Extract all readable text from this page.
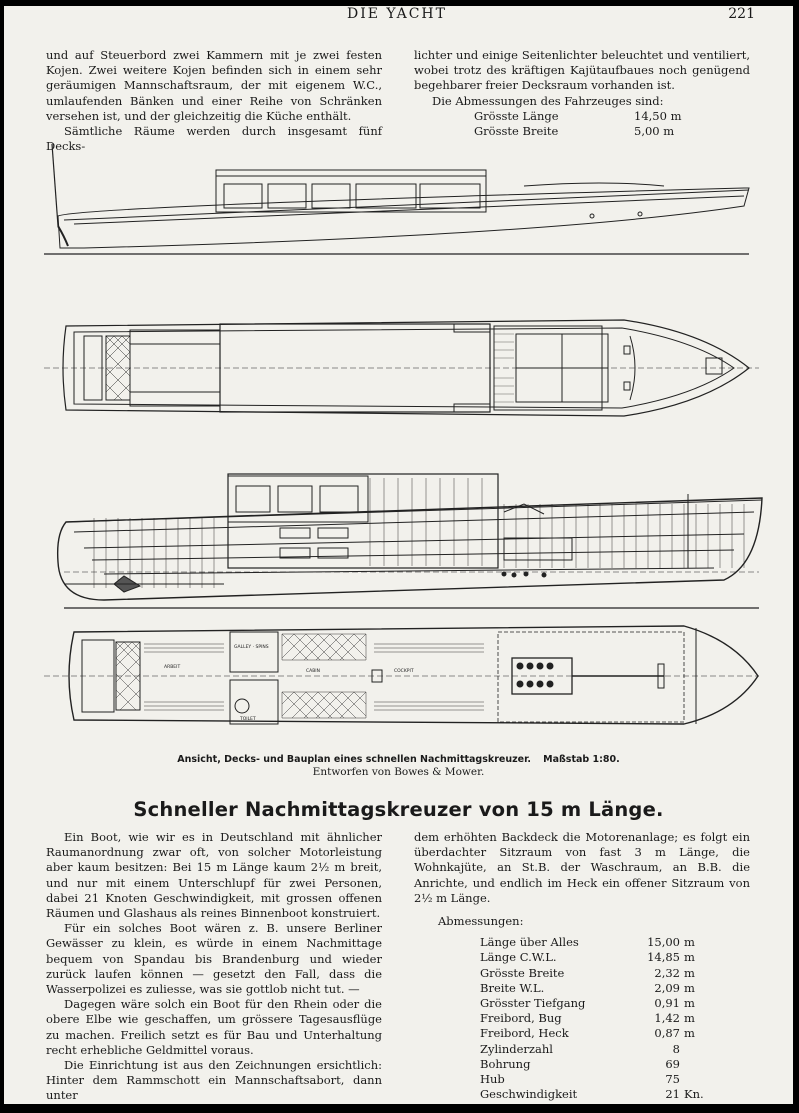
DIE YACHT	221

und auf Steuerbord zwei Kammern mit je zwei festen Kojen. Zwei weitere Kojen befinden sich in einem sehr geräumigen Mannschaftsraum, der mit eigenem W.C., umlaufenden Bänken und einer Reihe von Schränken versehen ist, und der gleichzeitig die Küche enthält.

Sämtliche Räume werden durch insgesamt fünf Decks-

lichter und einige Seitenlichter beleuchtet und ventiliert, wobei trotz des kräftigen Kajütaufbaues noch genügend begehbarer freier Decksraum vorhanden ist.

Die Abmessungen des Fahrzeuges sind:

Grösste Länge	14,50 m
Grösste Breite	5,00 m
ARBEIT
GALLEY · SPINS
CABIN	COCKPIT
TOILET
Ansicht, Decks- und Bauplan eines schnellen Nachmittagskreuzer. Maßstab 1:80.
Entworfen von Bowes & Mower.
Schneller Nachmittagskreuzer von 15 m Länge.

Ein Boot, wie wir es in Deutschland mit ähnlicher Raumanordnung zwar oft, von solcher Motorleistung aber kaum besitzen: Bei 15 m Länge kaum 2½ m breit, und nur mit einem Unterschlupf für zwei Personen, dabei 21 Knoten Geschwindigkeit, mit grossen offenen Räumen und Glashaus als reines Binnenboot konstruiert.

Für ein solches Boot wären z. B. unsere Berliner Gewässer zu klein, es würde in einem Nachmittage bequem von Spandau bis Brandenburg und wieder zurück laufen können — gesetzt den Fall, dass die Wasserpolizei es zuliesse, was sie gottlob nicht tut. —

Dagegen wäre solch ein Boot für den Rhein oder die obere Elbe wie geschaffen, um grössere Tagesausflüge zu machen. Freilich setzt es für Bau und Unterhaltung recht erhebliche Geldmittel voraus.

Die Einrichtung ist aus den Zeichnungen ersichtlich: Hinter dem Rammschott ein Mannschaftsabort, dann unter

dem erhöhten Backdeck die Motorenanlage; es folgt ein überdachter Sitzraum von fast 3 m Länge, die Wohnkajüte, an St.B. der Waschraum, an B.B. die Anrichte, und endlich im Heck ein offener Sitzraum von 2½ m Länge.

Abmessungen:
Länge über Alles	15,00 m
Länge C.W.L.	14,85 m
Grösste Breite	2,32 m
Breite W.L.	2,09 m
Grösster Tiefgang	0,91 m
Freibord, Bug	1,42 m
Freibord, Heck	0,87 m
Zylinderzahl	8
Bohrung	69
Hub	75
Geschwindigkeit	21 Kn.
